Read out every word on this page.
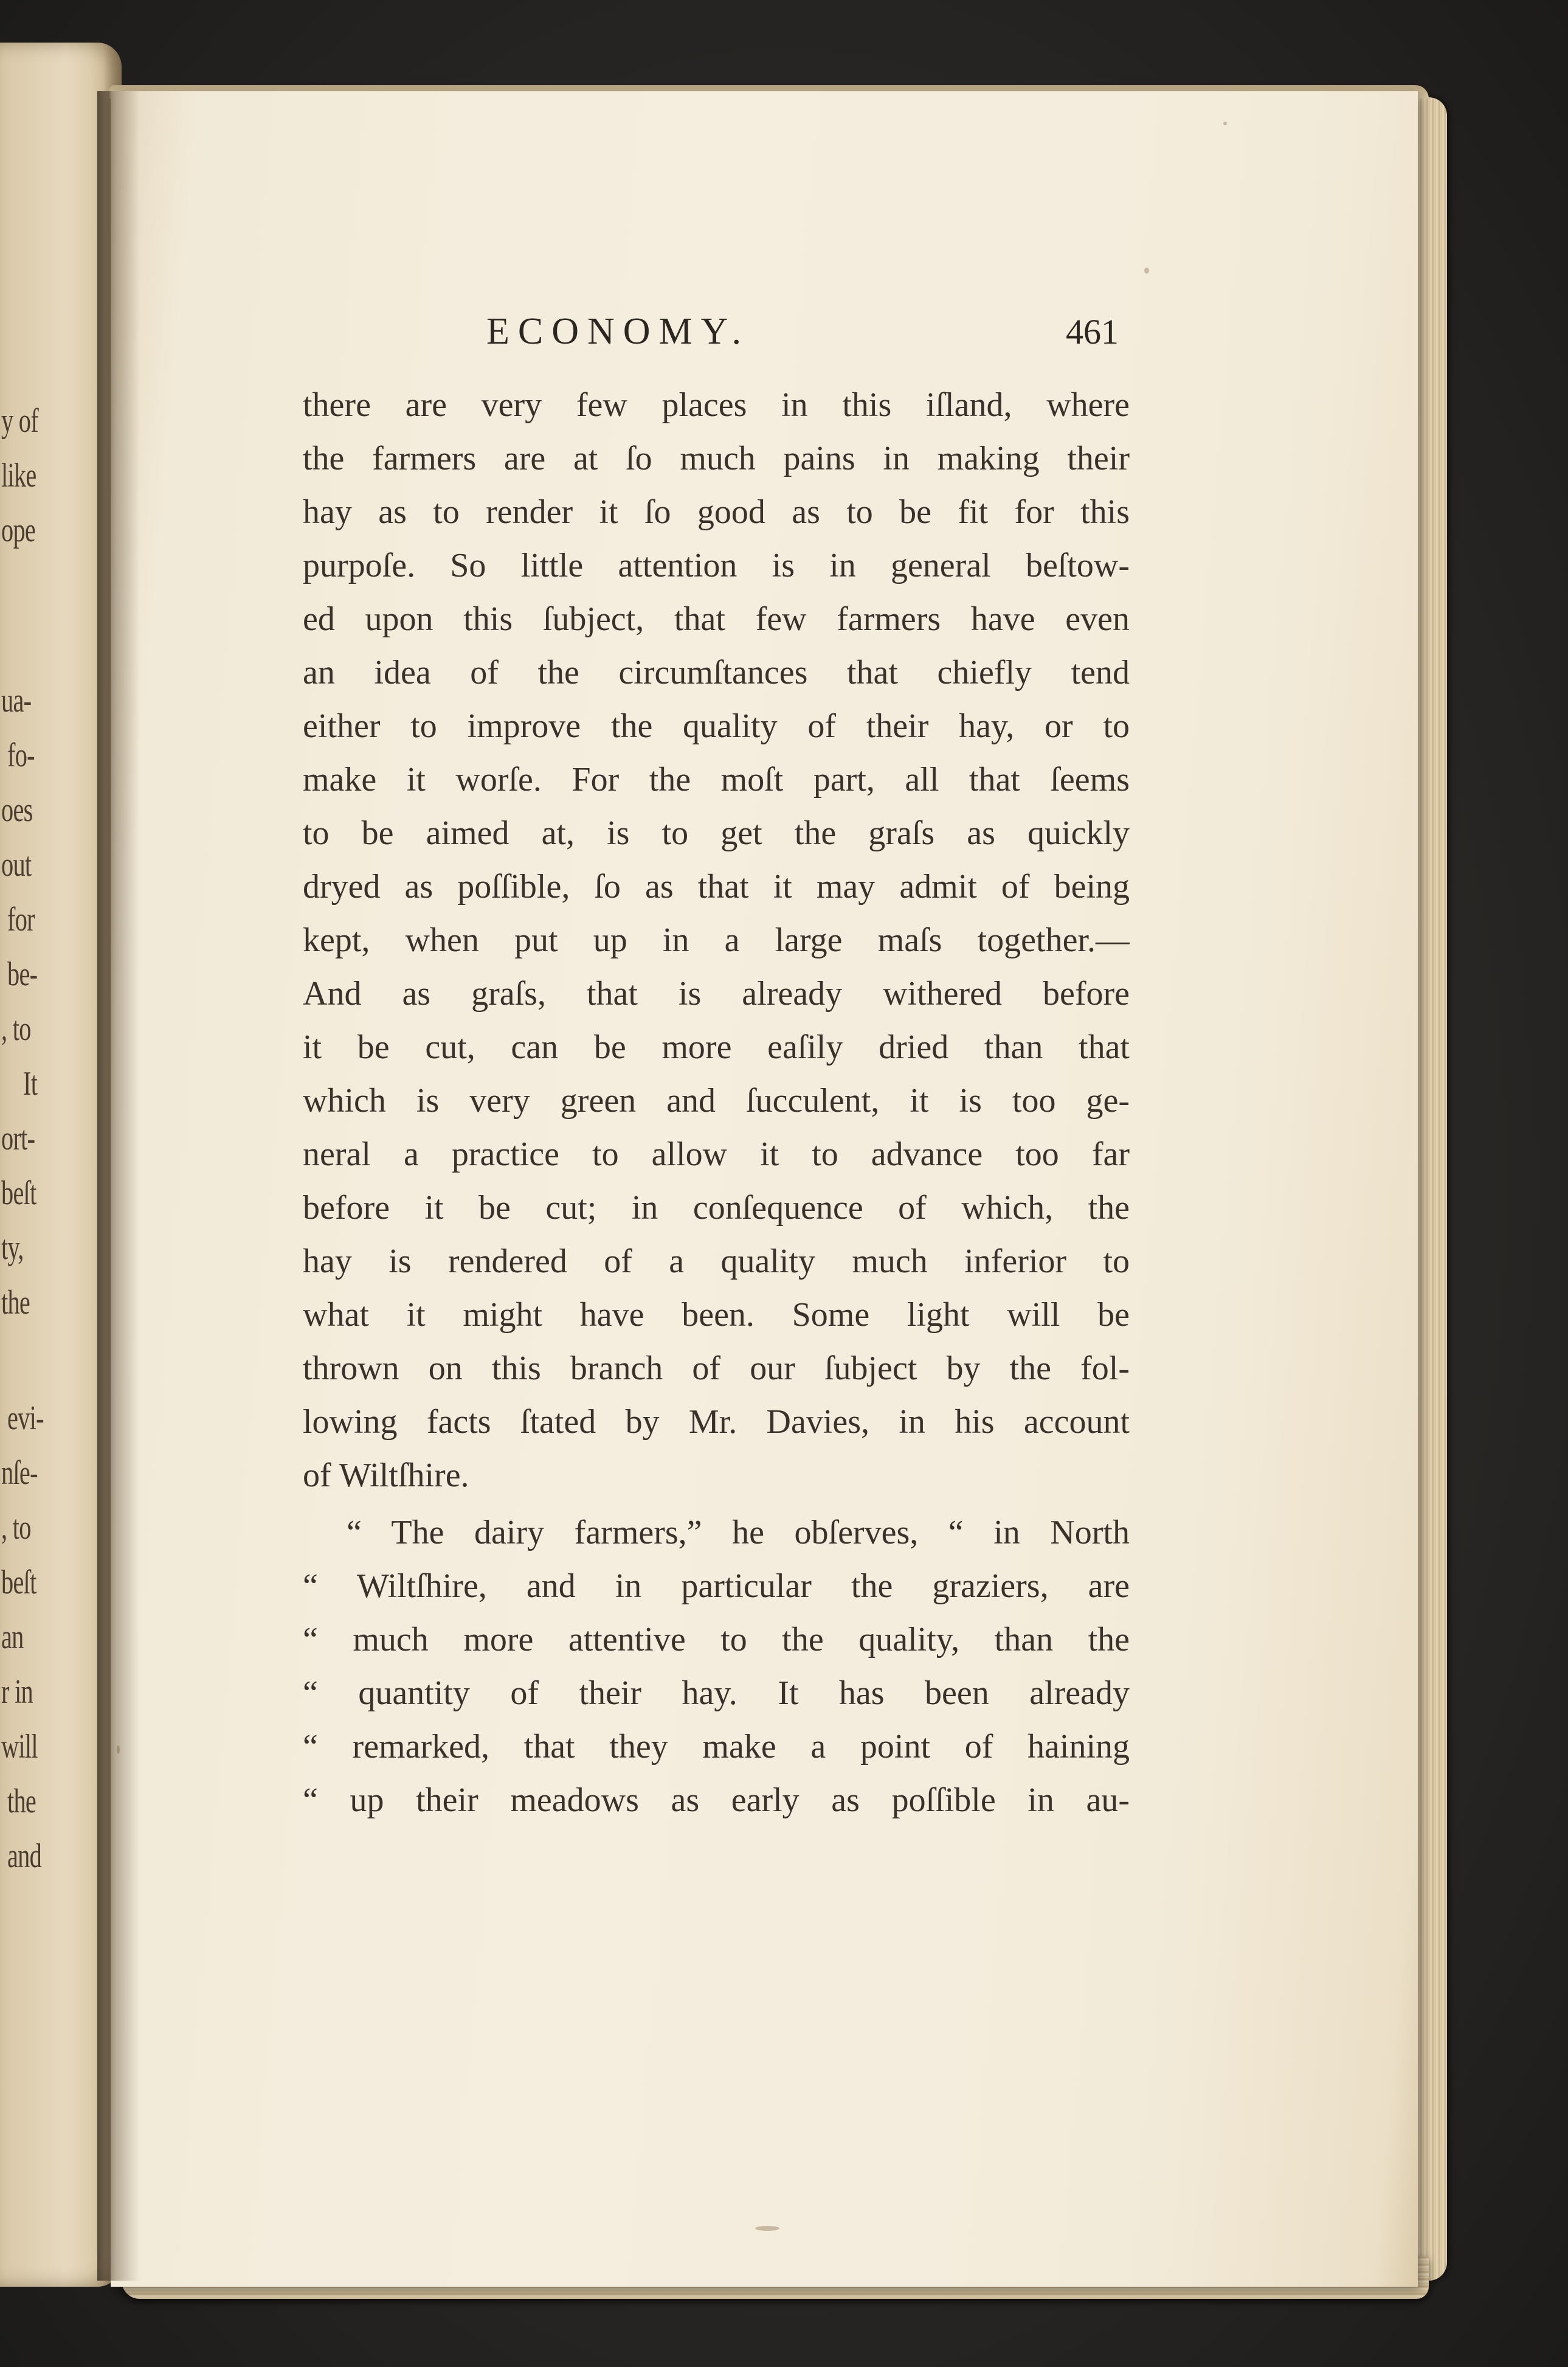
y of
like
ope
ua-
fo-
oes
out
for
be-
, to
It
ort-
beſt
ty,
the
evi-
nſe-
, to
beſt
an
r in
will
the
and
ECONOMY.	461
there are very few places in this iſland, where
the farmers are at ſo much pains in making their
hay as to render it ſo good as to be fit for this
purpoſe. So little attention is in general beſtow-
ed upon this ſubject, that few farmers have even
an idea of the circumſtances that chiefly tend
either to improve the quality of their hay, or to
make it worſe. For the moſt part, all that ſeems
to be aimed at, is to get the graſs as quickly
dryed as poſſible, ſo as that it may admit of being
kept, when put up in a large maſs together.—
And as graſs, that is already withered before
it be cut, can be more eaſily dried than that
which is very green and ſucculent, it is too ge-
neral a practice to allow it to advance too far
before it be cut; in conſequence of which, the
hay is rendered of a quality much inferior to
what it might have been. Some light will be
thrown on this branch of our ſubject by the fol-
lowing facts ſtated by Mr. Davies, in his account
of Wiltſhire.
“ The dairy farmers,” he obſerves, “ in North
“ Wiltſhire, and in particular the graziers, are
“ much more attentive to the quality, than the
“ quantity of their hay. It has been already
“ remarked, that they make a point of haining
“ up their meadows as early as poſſible in au-
